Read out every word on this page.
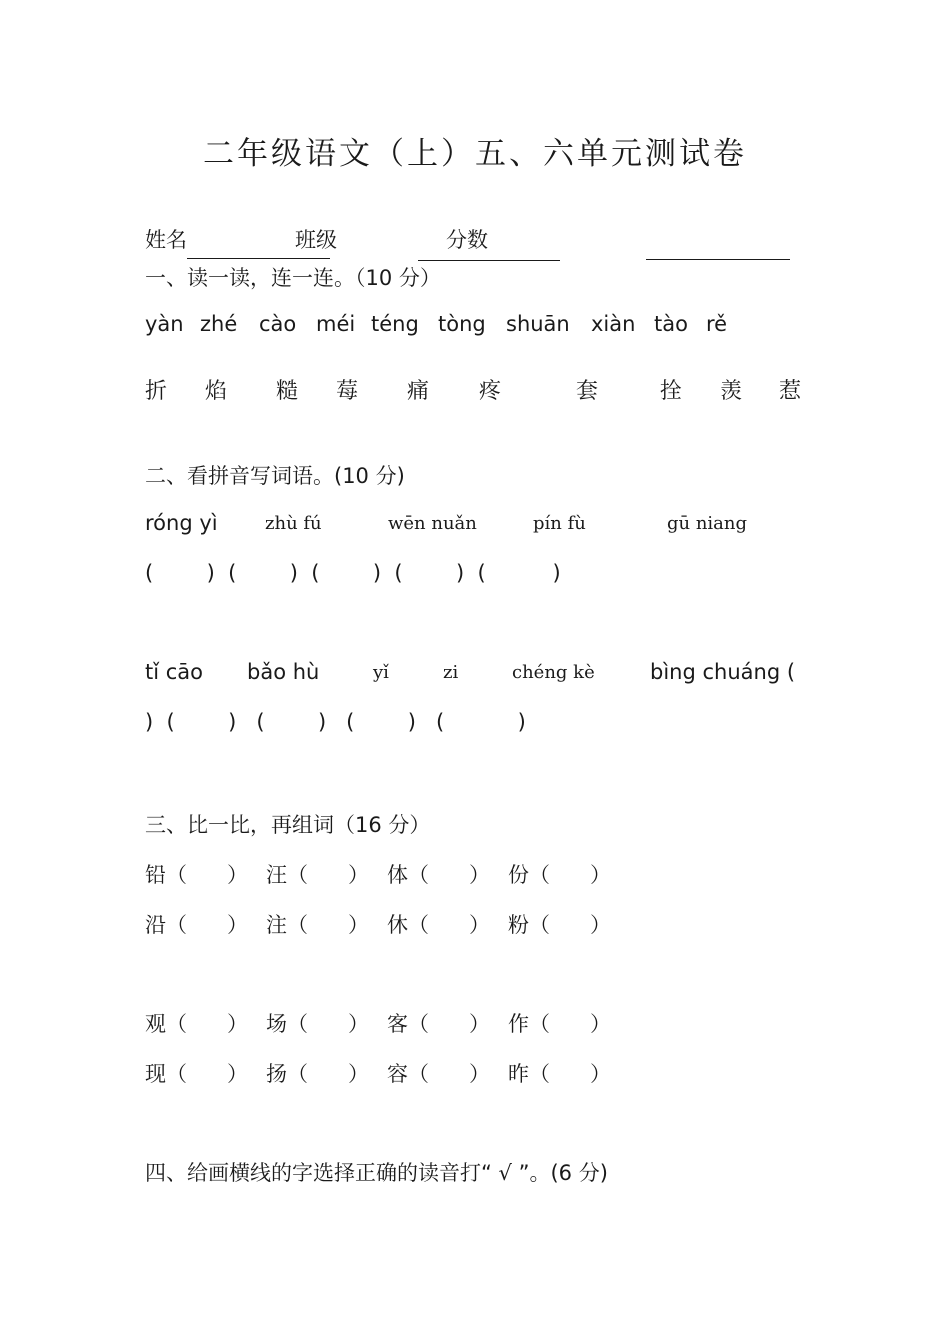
二年级语文（上）五、六单元测试卷
姓名	班级	分数
一、读一读，连一连。（10 分）
yàn zhé cào méi téng tòng shuān xiàn tào rě
折 焰 糙 莓 痛 疼	套	拴 羡 惹
二、看拼音写词语。(10 分)
róng yì	zhù fú	wēn nuǎn	pín fù	gū niang
(        )  (        )  (        )  (        )  (          )
tǐ cāo bǎo hù	yǐ	zi	chéng kè	bìng chuáng (
)  (        )   (        )   (        )   (           )
三、比一比，再组词（16 分）
铅（      ） 汪（      ） 体（      ） 份（      ）
沿（      ） 注（      ） 休（      ） 粉（      ）
观（      ） 场（      ） 客（      ） 作（      ）
现（      ） 扬（      ） 容（      ） 昨（      ）
四、给画横线的字选择正确的读音打“ √ ”。(6 分)
